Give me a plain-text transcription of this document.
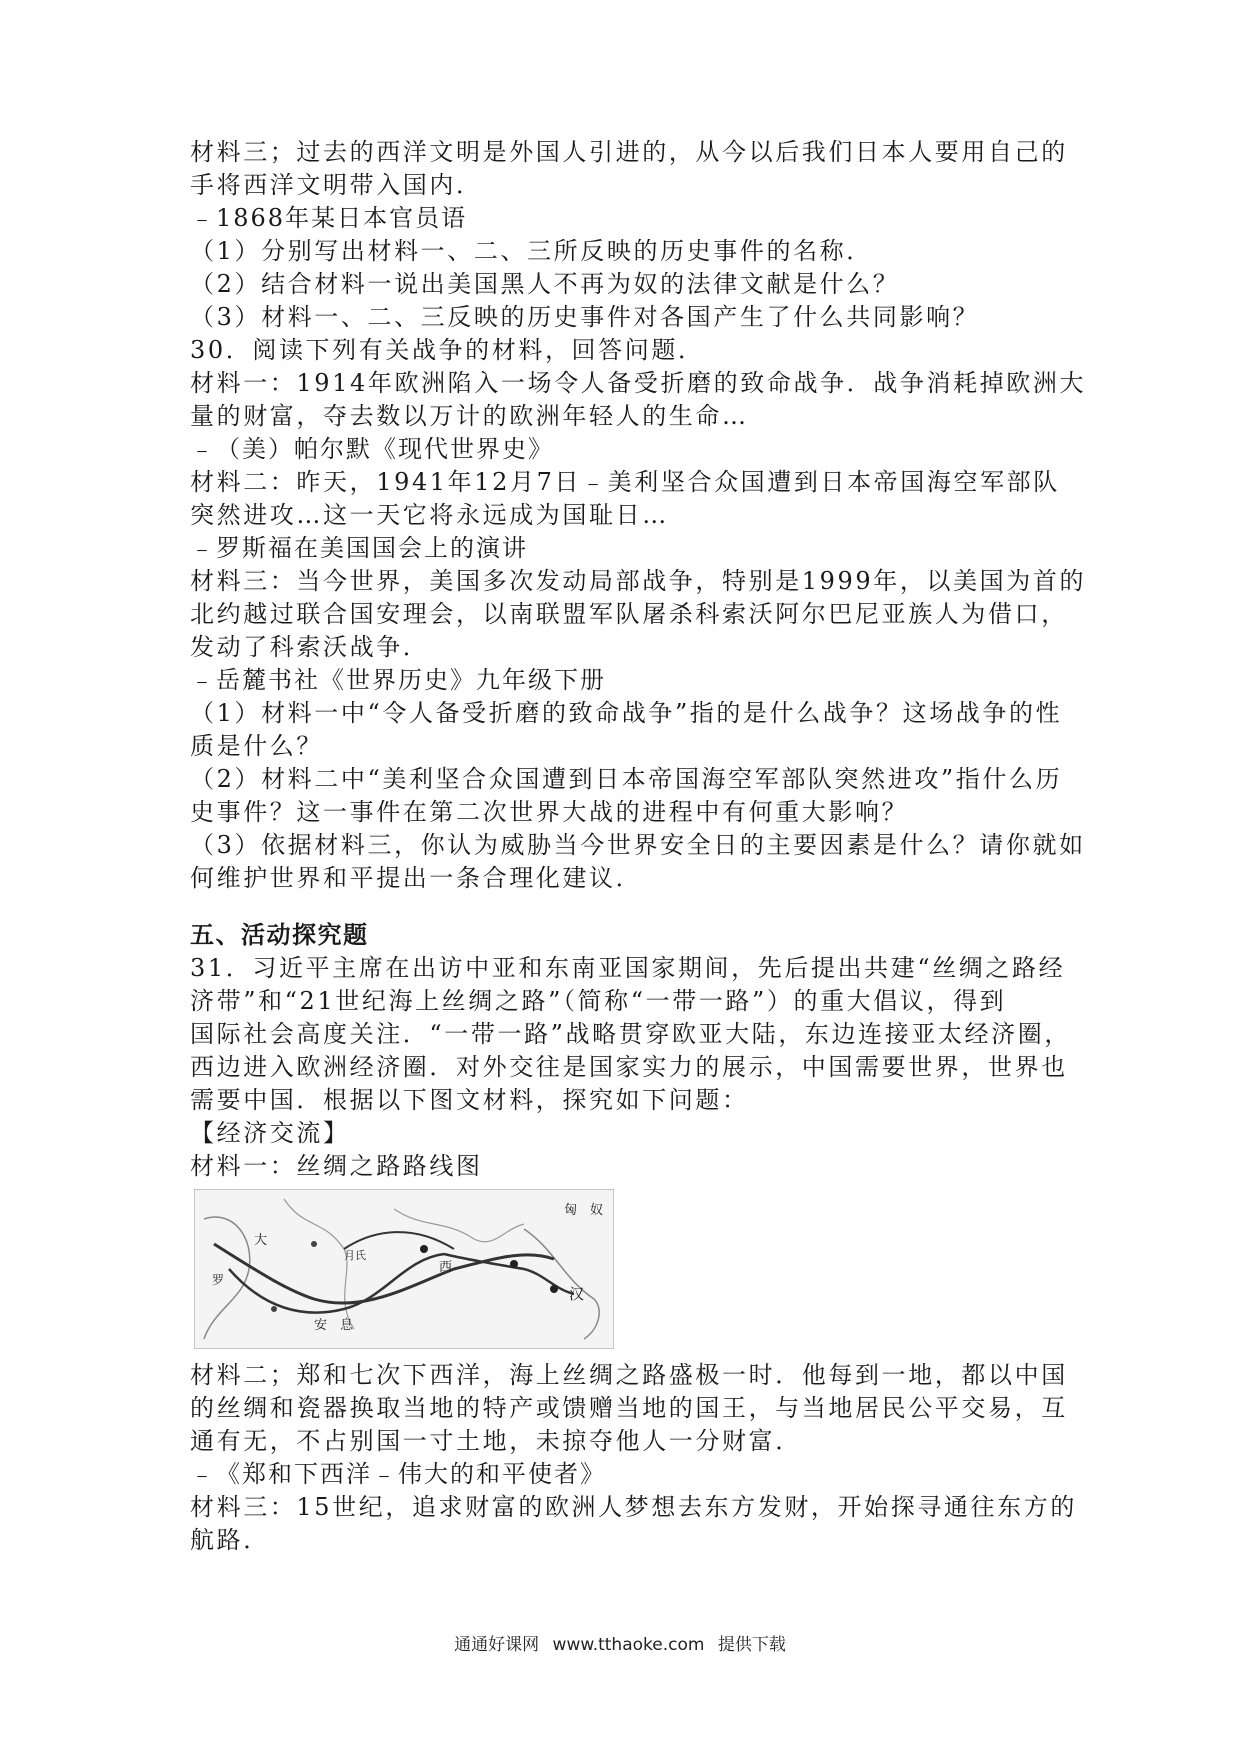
材料三；过去的西洋文明是外国人引进的，从今以后我们日本人要用自己的
手将西洋文明带入国内．
﹣1868年某日本官员语
（1）分别写出材料一、二、三所反映的历史事件的名称．
（2）结合材料一说出美国黑人不再为奴的法律文献是什么？
（3）材料一、二、三反映的历史事件对各国产生了什么共同影响？
30．阅读下列有关战争的材料，回答问题．
材料一：1914年欧洲陷入一场令人备受折磨的致命战争．战争消耗掉欧洲大
量的财富，夺去数以万计的欧洲年轻人的生命…
﹣（美）帕尔默《现代世界史》
材料二：昨天，1941年12月7日﹣美利坚合众国遭到日本帝国海空军部队
突然进攻…这一天它将永远成为国耻日…
﹣罗斯福在美国国会上的演讲
材料三：当今世界，美国多次发动局部战争，特别是1999年，以美国为首的
北约越过联合国安理会，以南联盟军队屠杀科索沃阿尔巴尼亚族人为借口，
发动了科索沃战争．
﹣岳麓书社《世界历史》九年级下册
（1）材料一中“令人备受折磨的致命战争”指的是什么战争？这场战争的性
质是什么？
（2）材料二中“美利坚合众国遭到日本帝国海空军部队突然进攻”指什么历
史事件？这一事件在第二次世界大战的进程中有何重大影响？
（3）依据材料三，你认为威胁当今世界安全日的主要因素是什么？请你就如
何维护世界和平提出一条合理化建议．
五、活动探究题
31．习近平主席在出访中亚和东南亚国家期间，先后提出共建“丝绸之路经
济带”和“21世纪海上丝绸之路”（简称“一带一路”）的重大倡议，得到
国际社会高度关注．“一带一路”战略贯穿欧亚大陆，东边连接亚太经济圈，
西边进入欧洲经济圈．对外交往是国家实力的展示，中国需要世界，世界也
需要中国．根据以下图文材料，探究如下问题：
【经济交流】
材料一：丝绸之路路线图
匈　奴
大
安　息
汉
西
罗
月氏
材料二；郑和七次下西洋，海上丝绸之路盛极一时．他每到一地，都以中国
的丝绸和瓷器换取当地的特产或馈赠当地的国王，与当地居民公平交易，互
通有无，不占别国一寸土地，未掠夺他人一分财富．
﹣《郑和下西洋﹣伟大的和平使者》
材料三：15世纪，追求财富的欧洲人梦想去东方发财，开始探寻通往东方的
航路．
通通好课网 www.tthaoke.com 提供下载
